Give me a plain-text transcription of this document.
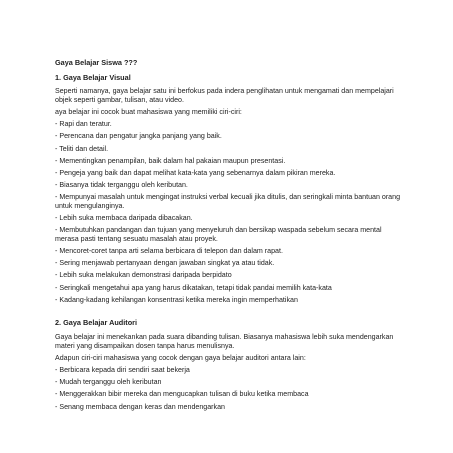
Gaya Belajar Siswa ???
1. Gaya Belajar Visual

Seperti namanya, gaya belajar satu ini berfokus pada indera penglihatan untuk mengamati dan mempelajari objek seperti gambar, tulisan, atau video.

aya belajar ini cocok buat mahasiswa yang memiliki ciri-ciri:

- Rapi dan teratur.

- Perencana dan pengatur jangka panjang yang baik.

- Teliti dan detail.

- Mementingkan penampilan, baik dalam hal pakaian maupun presentasi.

- Pengeja yang baik dan dapat melihat kata-kata yang sebenarnya dalam pikiran mereka.

- Biasanya tidak terganggu oleh keributan.

- Mempunyai masalah untuk mengingat instruksi verbal kecuali jika ditulis, dan seringkali minta bantuan orang untuk mengulanginya.

- Lebih suka membaca daripada dibacakan.

- Membutuhkan pandangan dan tujuan yang menyeluruh dan bersikap waspada sebelum secara mental merasa pasti tentang sesuatu masalah atau proyek.

- Mencoret-coret tanpa arti selama berbicara di telepon dan dalam rapat.

- Sering menjawab pertanyaan dengan jawaban singkat ya atau tidak.

- Lebih suka melakukan demonstrasi daripada berpidato

- Seringkali mengetahui apa yang harus dikatakan, tetapi tidak pandai memilih kata-kata

- Kadang-kadang kehilangan konsentrasi ketika mereka ingin memperhatikan

2. Gaya Belajar Auditori

Gaya belajar ini menekankan pada suara dibanding tulisan. Biasanya mahasiswa lebih suka mendengarkan materi yang disampaikan dosen tanpa harus menulisnya.

Adapun ciri-ciri mahasiswa yang cocok dengan gaya belajar auditori antara lain:

- Berbicara kepada diri sendiri saat bekerja

- Mudah terganggu oleh keributan

- Menggerakkan bibir mereka dan mengucapkan tulisan di buku ketika membaca

- Senang membaca dengan keras dan mendengarkan
